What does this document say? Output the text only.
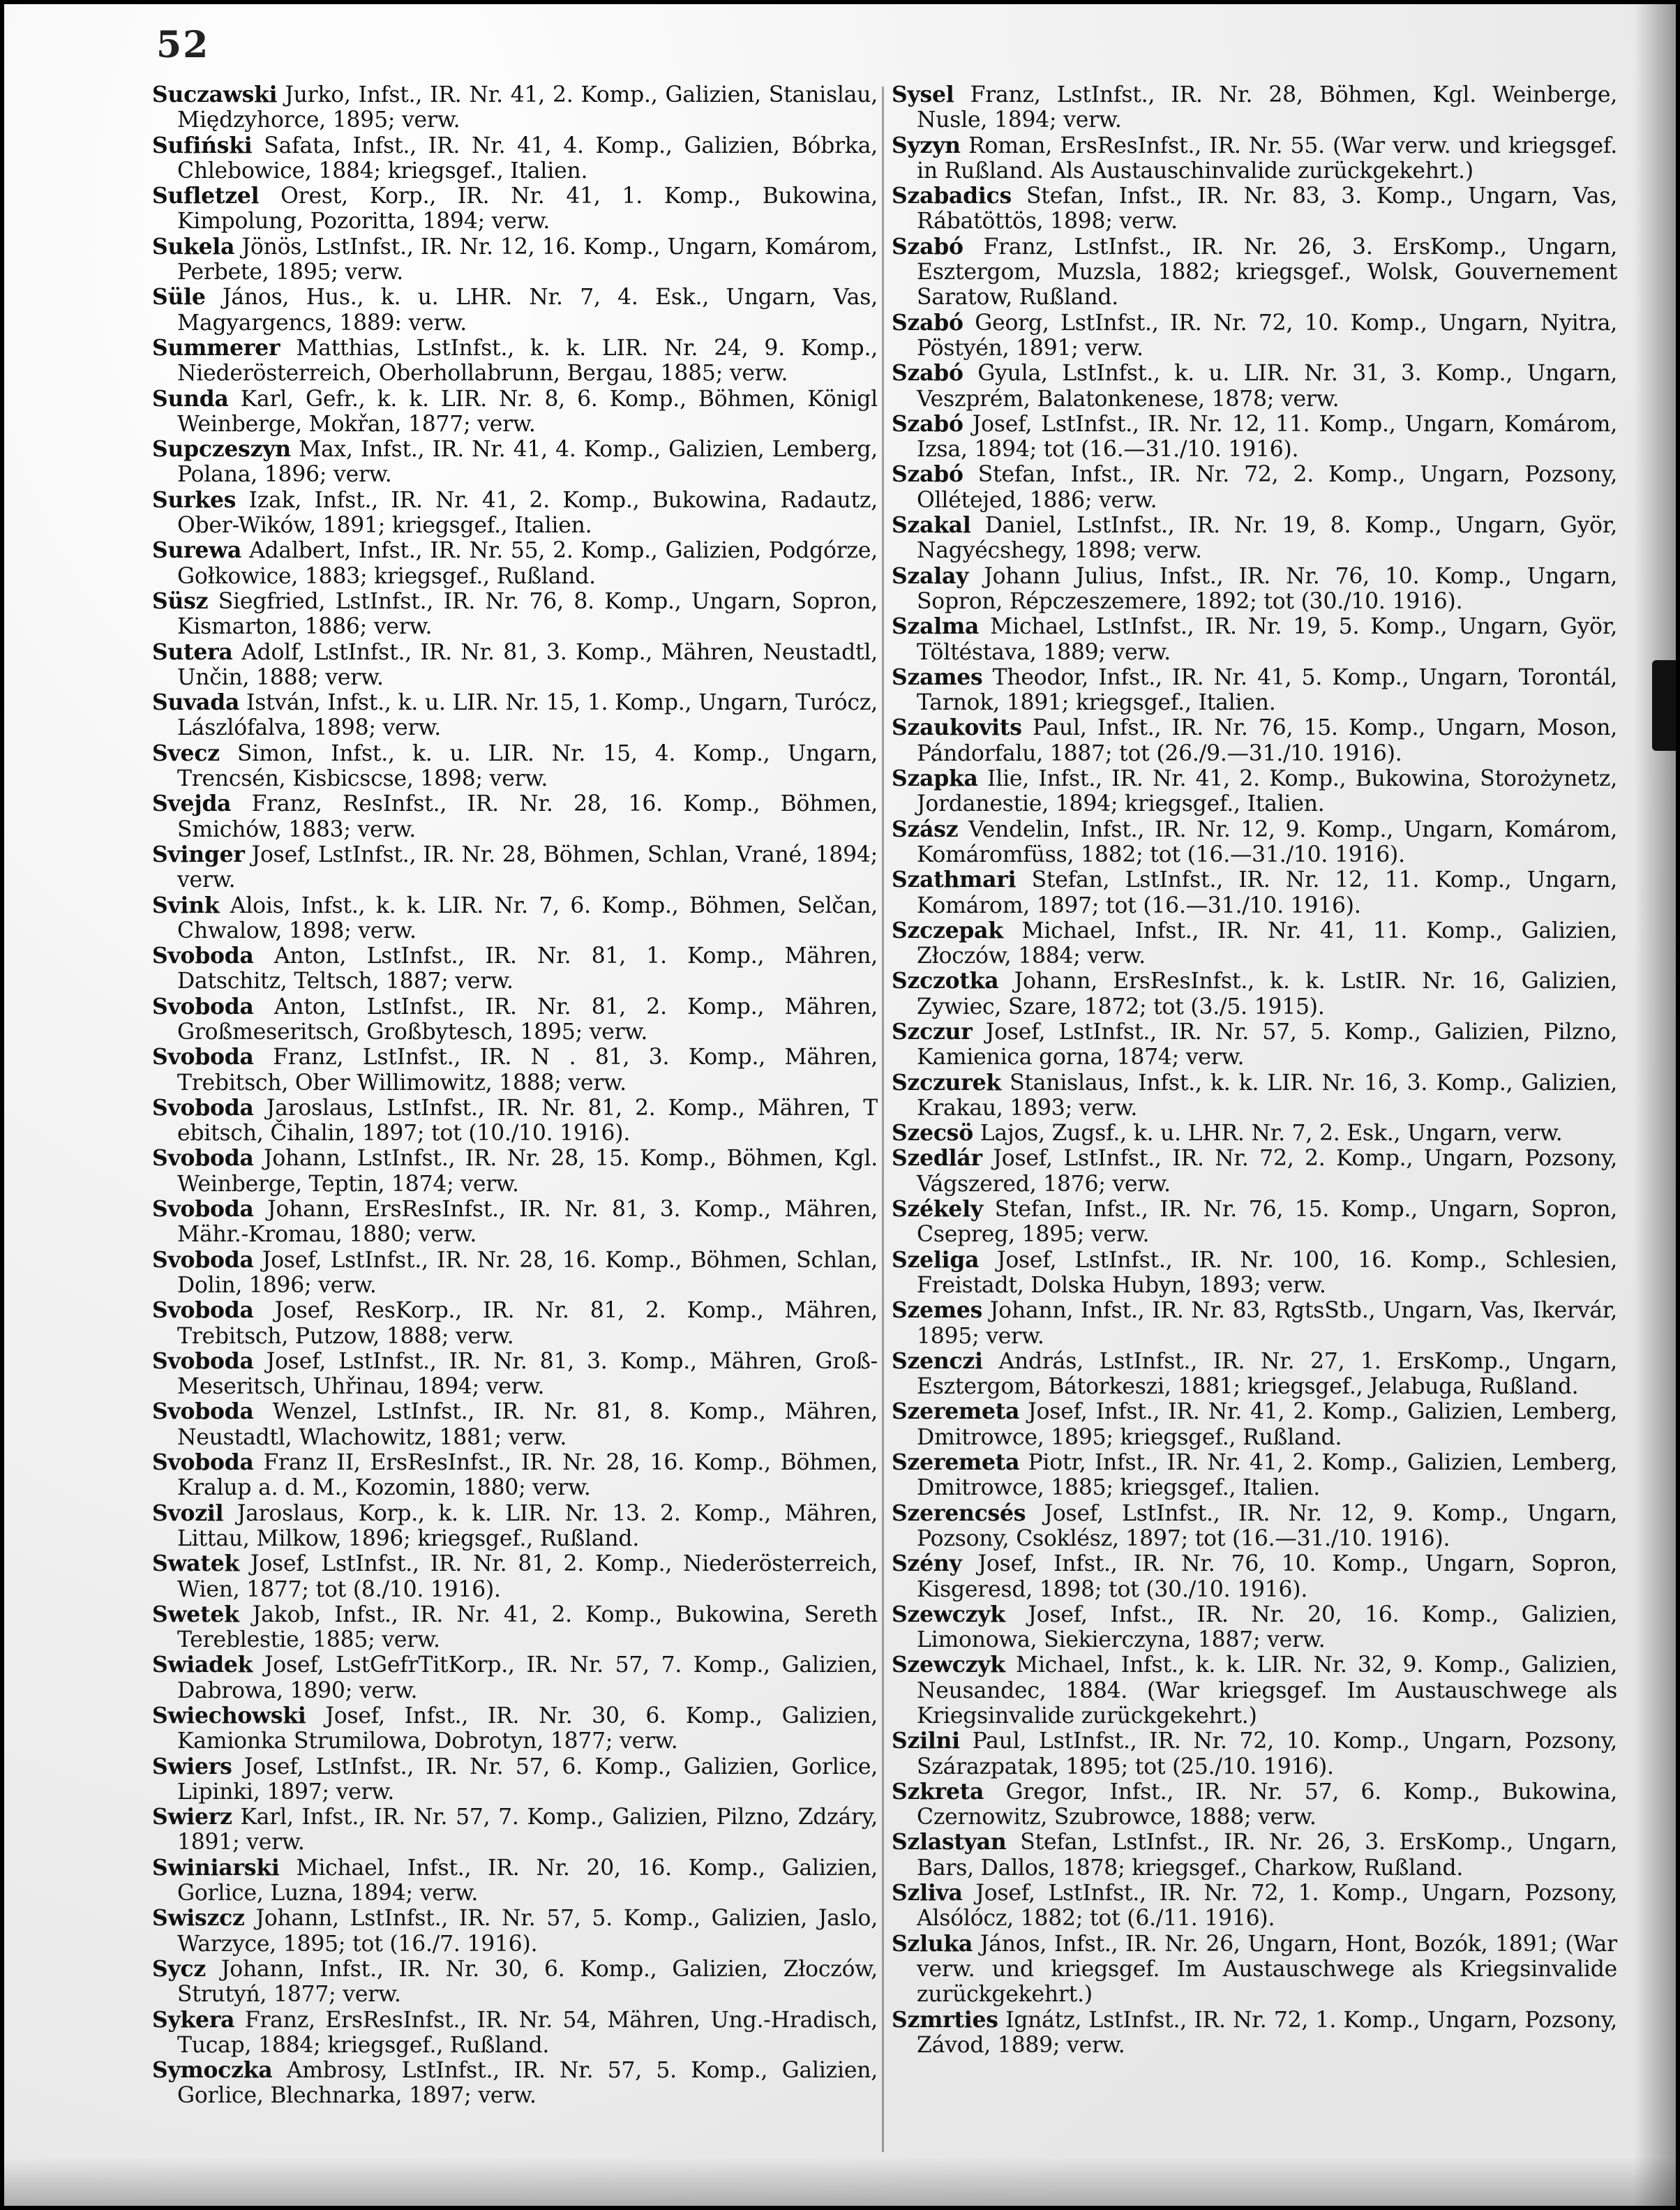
52

Suczawski Jurko, Infst., IR. Nr. 41, 2. Komp., Galizien, Stanislau, Międzyhorce, 1895; verw.

Sufiński Safata, Infst., IR. Nr. 41, 4. Komp., Galizien, Bóbrka, Chlebowice, 1884; kriegsgef., Italien.

Sufletzel Orest, Korp., IR. Nr. 41, 1. Komp., Bukowina, Kimpolung, Pozoritta, 1894; verw.

Sukela Jönös, LstInfst., IR. Nr. 12, 16. Komp., Ungarn, Komárom, Perbete, 1895; verw.

Süle János, Hus., k. u. LHR. Nr. 7, 4. Esk., Ungarn, Vas, Magyargencs, 1889: verw.

Summerer Matthias, LstInfst., k. k. LIR. Nr. 24, 9. Komp., Niederösterreich, Oberhollabrunn, Bergau, 1885; verw.

Sunda Karl, Gefr., k. k. LIR. Nr. 8, 6. Komp., Böhmen, Königl Weinberge, Mokřan, 1877; verw.

Supczeszyn Max, Infst., IR. Nr. 41, 4. Komp., Galizien, Lemberg, Polana, 1896; verw.

Surkes Izak, Infst., IR. Nr. 41, 2. Komp., Bukowina, Radautz, Ober-Wików, 1891; kriegsgef., Italien.

Surewa Adalbert, Infst., IR. Nr. 55, 2. Komp., Galizien, Podgórze, Gołkowice, 1883; kriegsgef., Rußland.

Süsz Siegfried, LstInfst., IR. Nr. 76, 8. Komp., Ungarn, Sopron, Kismarton, 1886; verw.

Sutera Adolf, LstInfst., IR. Nr. 81, 3. Komp., Mähren, Neustadtl, Unčin, 1888; verw.

Suvada István, Infst., k. u. LIR. Nr. 15, 1. Komp., Ungarn, Turócz, Lászlófalva, 1898; verw.

Svecz Simon, Infst., k. u. LIR. Nr. 15, 4. Komp., Ungarn, Trencsén, Kisbicscse, 1898; verw.

Svejda Franz, ResInfst., IR. Nr. 28, 16. Komp., Böhmen, Smichów, 1883; verw.

Svinger Josef, LstInfst., IR. Nr. 28, Böhmen, Schlan, Vrané, 1894; verw.

Svink Alois, Infst., k. k. LIR. Nr. 7, 6. Komp., Böhmen, Selčan, Chwalow, 1898; verw.

Svoboda Anton, LstInfst., IR. Nr. 81, 1. Komp., Mähren, Datschitz, Teltsch, 1887; verw.

Svoboda Anton, LstInfst., IR. Nr. 81, 2. Komp., Mähren, Großmeseritsch, Großbytesch, 1895; verw.

Svoboda Franz, LstInfst., IR. N . 81, 3. Komp., Mähren, Trebitsch, Ober Willimowitz, 1888; verw.

Svoboda Jaroslaus, LstInfst., IR. Nr. 81, 2. Komp., Mähren, T ebitsch, Čihalin, 1897; tot (10./10. 1916).

Svoboda Johann, LstInfst., IR. Nr. 28, 15. Komp., Böhmen, Kgl. Weinberge, Teptin, 1874; verw.

Svoboda Johann, ErsResInfst., IR. Nr. 81, 3. Komp., Mähren, Mähr.-Kromau, 1880; verw.

Svoboda Josef, LstInfst., IR. Nr. 28, 16. Komp., Böhmen, Schlan, Dolin, 1896; verw.

Svoboda Josef, ResKorp., IR. Nr. 81, 2. Komp., Mähren, Trebitsch, Putzow, 1888; verw.

Svoboda Josef, LstInfst., IR. Nr. 81, 3. Komp., Mähren, Groß-Meseritsch, Uhřinau, 1894; verw.

Svoboda Wenzel, LstInfst., IR. Nr. 81, 8. Komp., Mähren, Neustadtl, Wlachowitz, 1881; verw.

Svoboda Franz II, ErsResInfst., IR. Nr. 28, 16. Komp., Böhmen, Kralup a. d. M., Kozomin, 1880; verw.

Svozil Jaroslaus, Korp., k. k. LIR. Nr. 13. 2. Komp., Mähren, Littau, Milkow, 1896; kriegsgef., Rußland.

Swatek Josef, LstInfst., IR. Nr. 81, 2. Komp., Niederösterreich, Wien, 1877; tot (8./10. 1916).

Swetek Jakob, Infst., IR. Nr. 41, 2. Komp., Bukowina, Sereth Tereblestie, 1885; verw.

Swiadek Josef, LstGefrTitKorp., IR. Nr. 57, 7. Komp., Galizien, Dabrowa, 1890; verw.

Swiechowski Josef, Infst., IR. Nr. 30, 6. Komp., Galizien, Kamionka Strumilowa, Dobrotyn, 1877; verw.

Swiers Josef, LstInfst., IR. Nr. 57, 6. Komp., Galizien, Gorlice, Lipinki, 1897; verw.

Swierz Karl, Infst., IR. Nr. 57, 7. Komp., Galizien, Pilzno, Zdzáry, 1891; verw.

Swiniarski Michael, Infst., IR. Nr. 20, 16. Komp., Galizien, Gorlice, Luzna, 1894; verw.

Swiszcz Johann, LstInfst., IR. Nr. 57, 5. Komp., Galizien, Jaslo, Warzyce, 1895; tot (16./7. 1916).

Sycz Johann, Infst., IR. Nr. 30, 6. Komp., Galizien, Złoczów, Strutyń, 1877; verw.

Sykera Franz, ErsResInfst., IR. Nr. 54, Mähren, Ung.-Hradisch, Tucap, 1884; kriegsgef., Rußland.

Symoczka Ambrosy, LstInfst., IR. Nr. 57, 5. Komp., Galizien, Gorlice, Blechnarka, 1897; verw.

Sysel Franz, LstInfst., IR. Nr. 28, Böhmen, Kgl. Weinberge, Nusle, 1894; verw.

Syzyn Roman, ErsResInfst., IR. Nr. 55. (War verw. und kriegsgef. in Rußland. Als Austauschinvalide zurückgekehrt.)

Szabadics Stefan, Infst., IR. Nr. 83, 3. Komp., Ungarn, Vas, Rábatöttös, 1898; verw.

Szabó Franz, LstInfst., IR. Nr. 26, 3. ErsKomp., Ungarn, Esztergom, Muzsla, 1882; kriegsgef., Wolsk, Gouvernement Saratow, Rußland.

Szabó Georg, LstInfst., IR. Nr. 72, 10. Komp., Ungarn, Nyitra, Pöstyén, 1891; verw.

Szabó Gyula, LstInfst., k. u. LIR. Nr. 31, 3. Komp., Ungarn, Veszprém, Balatonkenese, 1878; verw.

Szabó Josef, LstInfst., IR. Nr. 12, 11. Komp., Ungarn, Komárom, Izsa, 1894; tot (16.—31./10. 1916).

Szabó Stefan, Infst., IR. Nr. 72, 2. Komp., Ungarn, Pozsony, Ollétejed, 1886; verw.

Szakal Daniel, LstInfst., IR. Nr. 19, 8. Komp., Ungarn, Györ, Nagyécshegy, 1898; verw.

Szalay Johann Julius, Infst., IR. Nr. 76, 10. Komp., Ungarn, Sopron, Répczeszemere, 1892; tot (30./10. 1916).

Szalma Michael, LstInfst., IR. Nr. 19, 5. Komp., Ungarn, Györ, Töltéstava, 1889; verw.

Szames Theodor, Infst., IR. Nr. 41, 5. Komp., Ungarn, Torontál, Tarnok, 1891; kriegsgef., Italien.

Szaukovits Paul, Infst., IR. Nr. 76, 15. Komp., Ungarn, Moson, Pándorfalu, 1887; tot (26./9.—31./10. 1916).

Szapka Ilie, Infst., IR. Nr. 41, 2. Komp., Bukowina, Storożynetz, Jordanestie, 1894; kriegsgef., Italien.

Szász Vendelin, Infst., IR. Nr. 12, 9. Komp., Ungarn, Komárom, Komáromfüss, 1882; tot (16.—31./10. 1916).

Szathmari Stefan, LstInfst., IR. Nr. 12, 11. Komp., Ungarn, Komárom, 1897; tot (16.—31./10. 1916).

Szczepak Michael, Infst., IR. Nr. 41, 11. Komp., Galizien, Złoczów, 1884; verw.

Szczotka Johann, ErsResInfst., k. k. LstIR. Nr. 16, Galizien, Zywiec, Szare, 1872; tot (3./5. 1915).

Szczur Josef, LstInfst., IR. Nr. 57, 5. Komp., Galizien, Pilzno, Kamienica gorna, 1874; verw.

Szczurek Stanislaus, Infst., k. k. LIR. Nr. 16, 3. Komp., Galizien, Krakau, 1893; verw.

Szecsö Lajos, Zugsf., k. u. LHR. Nr. 7, 2. Esk., Ungarn, verw.

Szedlár Josef, LstInfst., IR. Nr. 72, 2. Komp., Ungarn, Pozsony, Vágszered, 1876; verw.

Székely Stefan, Infst., IR. Nr. 76, 15. Komp., Ungarn, Sopron, Csepreg, 1895; verw.

Szeliga Josef, LstInfst., IR. Nr. 100, 16. Komp., Schlesien, Freistadt, Dolska Hubyn, 1893; verw.

Szemes Johann, Infst., IR. Nr. 83, RgtsStb., Ungarn, Vas, Ikervár, 1895; verw.

Szenczi András, LstInfst., IR. Nr. 27, 1. ErsKomp., Ungarn, Esztergom, Bátorkeszi, 1881; kriegsgef., Jelabuga, Rußland.

Szeremeta Josef, Infst., IR. Nr. 41, 2. Komp., Galizien, Lemberg, Dmitrowce, 1895; kriegsgef., Rußland.

Szeremeta Piotr, Infst., IR. Nr. 41, 2. Komp., Galizien, Lemberg, Dmitrowce, 1885; kriegsgef., Italien.

Szerencsés Josef, LstInfst., IR. Nr. 12, 9. Komp., Ungarn, Pozsony, Csoklész, 1897; tot (16.—31./10. 1916).

Szény Josef, Infst., IR. Nr. 76, 10. Komp., Ungarn, Sopron, Kisgeresd, 1898; tot (30./10. 1916).

Szewczyk Josef, Infst., IR. Nr. 20, 16. Komp., Galizien, Limonowa, Siekierczyna, 1887; verw.

Szewczyk Michael, Infst., k. k. LIR. Nr. 32, 9. Komp., Galizien, Neusandec, 1884. (War kriegsgef. Im Austauschwege als Kriegsinvalide zurückgekehrt.)

Szilni Paul, LstInfst., IR. Nr. 72, 10. Komp., Ungarn, Pozsony, Szárazpatak, 1895; tot (25./10. 1916).

Szkreta Gregor, Infst., IR. Nr. 57, 6. Komp., Bukowina, Czernowitz, Szubrowce, 1888; verw.

Szlastyan Stefan, LstInfst., IR. Nr. 26, 3. ErsKomp., Ungarn, Bars, Dallos, 1878; kriegsgef., Charkow, Rußland.

Szliva Josef, LstInfst., IR. Nr. 72, 1. Komp., Ungarn, Pozsony, Alsólócz, 1882; tot (6./11. 1916).

Szluka János, Infst., IR. Nr. 26, Ungarn, Hont, Bozók, 1891; (War verw. und kriegsgef. Im Austauschwege als Kriegsinvalide zurückgekehrt.)

Szmrties Ignátz, LstInfst., IR. Nr. 72, 1. Komp., Ungarn, Pozsony, Závod, 1889; verw.
